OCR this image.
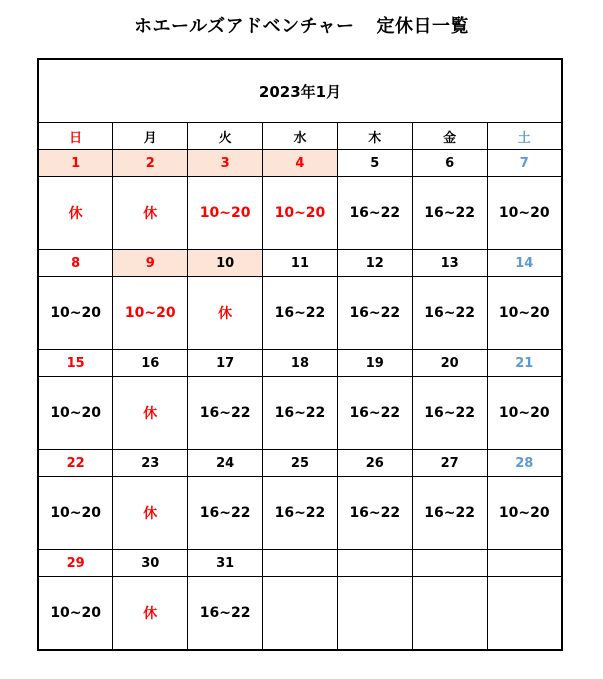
ホエールズアドベンチャー 定休日一覧
2023年1月						
日	月	火	水	木	金	土
1	2	3	4	5	6	7
休	休	10~20	10~20	16~22	16~22	10~20
8	9	10	11	12	13	14
10~20	10~20	休	16~22	16~22	16~22	10~20
15	16	17	18	19	20	21
10~20	休	16~22	16~22	16~22	16~22	10~20
22	23	24	25	26	27	28
10~20	休	16~22	16~22	16~22	16~22	10~20
29	30	31				
10~20	休	16~22				
